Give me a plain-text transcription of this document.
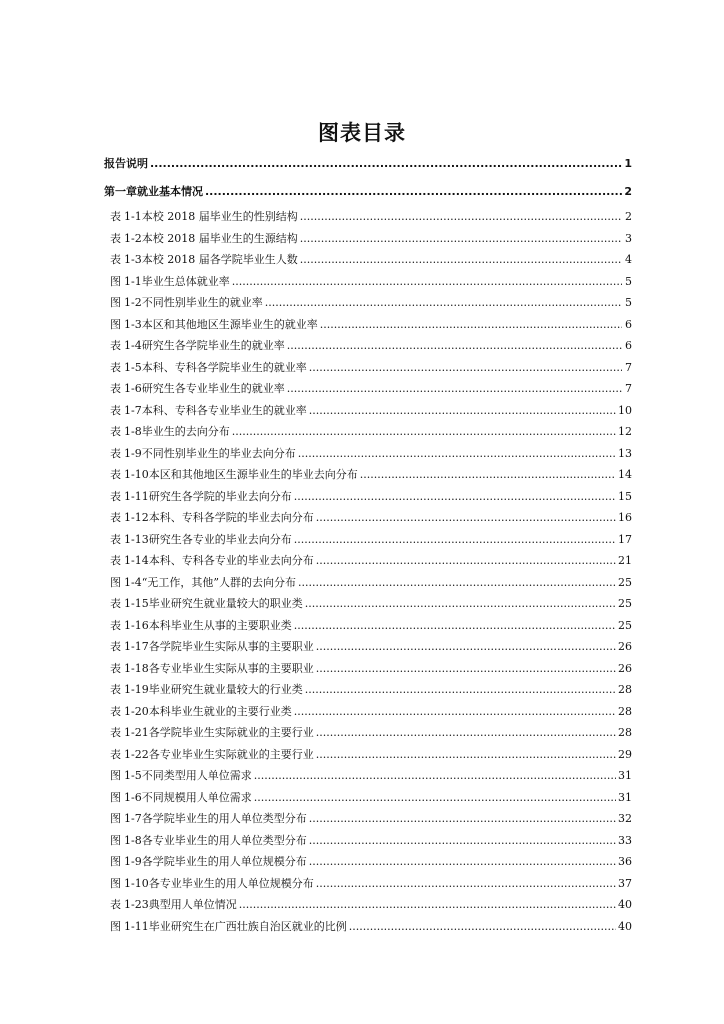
图表目录
报告说明 .....	1
第一章 就业基本情况 .....	2
表 1-1 本校 2018 届毕业生的性别结构 .....	2
表 1-2 本校 2018 届毕业生的生源结构 .....	3
表 1-3 本校 2018 届各学院毕业生人数 .....	4
图 1-1 毕业生总体就业率 .....	5
图 1-2 不同性别毕业生的就业率 .....	5
图 1-3 本区和其他地区生源毕业生的就业率 .....	6
表 1-4 研究生各学院毕业生的就业率 .....	6
表 1-5 本科、专科各学院毕业生的就业率 .....	7
表 1-6 研究生各专业毕业生的就业率 .....	7
表 1-7 本科、专科各专业毕业生的就业率 .....	10
表 1-8 毕业生的去向分布 .....	12
表 1-9 不同性别毕业生的毕业去向分布 .....	13
表 1-10 本区和其他地区生源毕业生的毕业去向分布 .....	14
表 1-11 研究生各学院的毕业去向分布 .....	15
表 1-12 本科、专科各学院的毕业去向分布 .....	16
表 1-13 研究生各专业的毕业去向分布 .....	17
表 1-14 本科、专科各专业的毕业去向分布 .....	21
图 1-4 “无工作，其他”人群的去向分布 .....	25
表 1-15 毕业研究生就业量较大的职业类 .....	25
表 1-16 本科毕业生从事的主要职业类 .....	25
表 1-17 各学院毕业生实际从事的主要职业 .....	26
表 1-18 各专业毕业生实际从事的主要职业 .....	26
表 1-19 毕业研究生就业量较大的行业类 .....	28
表 1-20 本科毕业生就业的主要行业类 .....	28
表 1-21 各学院毕业生实际就业的主要行业 .....	28
表 1-22 各专业毕业生实际就业的主要行业 .....	29
图 1-5 不同类型用人单位需求 .....	31
图 1-6 不同规模用人单位需求 .....	31
图 1-7 各学院毕业生的用人单位类型分布 .....	32
图 1-8 各专业毕业生的用人单位类型分布 .....	33
图 1-9 各学院毕业生的用人单位规模分布 .....	36
图 1-10 各专业毕业生的用人单位规模分布 .....	37
表 1-23 典型用人单位情况 .....	40
图 1-11 毕业研究生在广西壮族自治区就业的比例 .....	40
